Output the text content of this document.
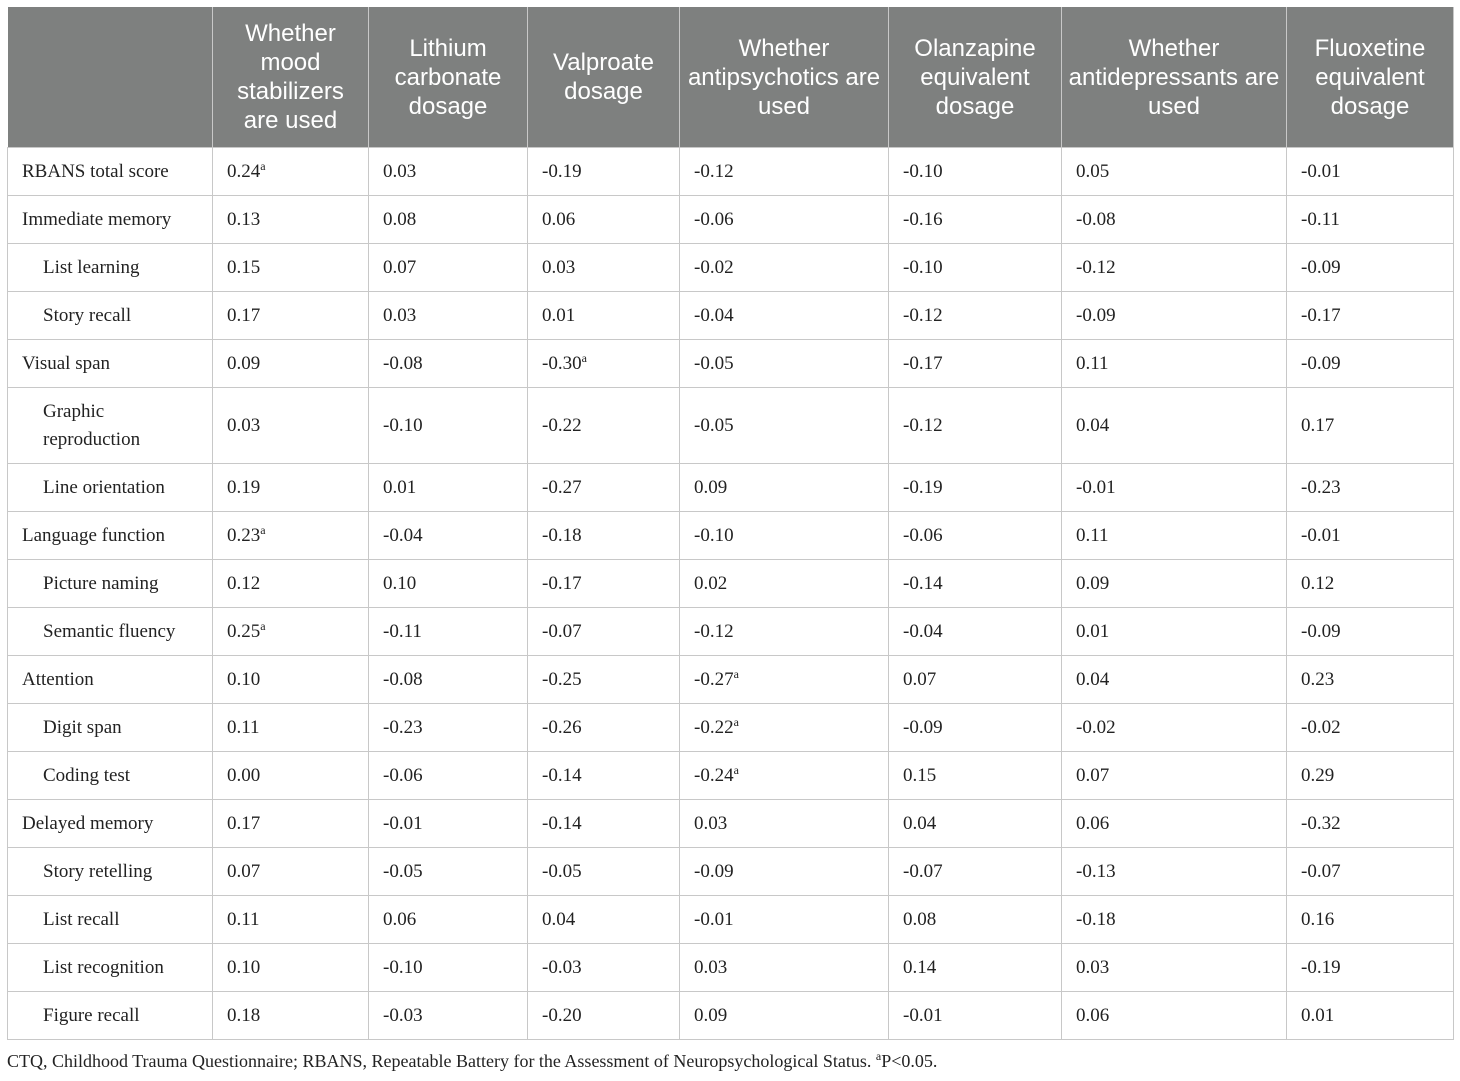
	Whether mood stabilizers are used	Lithium carbonate dosage	Valproate dosage	Whether antipsychotics are used	Olanzapine equivalent dosage	Whether antidepressants are used	Fluoxetine equivalent dosage
RBANS total score	0.24$^a$	0.03	-0.19	-0.12	-0.10	0.05	-0.01
Immediate memory	0.13	0.08	0.06	-0.06	-0.16	-0.08	-0.11
List learning	0.15	0.07	0.03	-0.02	-0.10	-0.12	-0.09
Story recall	0.17	0.03	0.01	-0.04	-0.12	-0.09	-0.17
Visual span	0.09	-0.08	-0.30$^a$	-0.05	-0.17	0.11	-0.09
Graphic reproduction	0.03	-0.10	-0.22	-0.05	-0.12	0.04	0.17
Line orientation	0.19	0.01	-0.27	0.09	-0.19	-0.01	-0.23
Language function	0.23$^a$	-0.04	-0.18	-0.10	-0.06	0.11	-0.01
Picture naming	0.12	0.10	-0.17	0.02	-0.14	0.09	0.12
Semantic fluency	0.25$^a$	-0.11	-0.07	-0.12	-0.04	0.01	-0.09
Attention	0.10	-0.08	-0.25	-0.27$^a$	0.07	0.04	0.23
Digit span	0.11	-0.23	-0.26	-0.22$^a$	-0.09	-0.02	-0.02
Coding test	0.00	-0.06	-0.14	-0.24$^a$	0.15	0.07	0.29
Delayed memory	0.17	-0.01	-0.14	0.03	0.04	0.06	-0.32
Story retelling	0.07	-0.05	-0.05	-0.09	-0.07	-0.13	-0.07
List recall	0.11	0.06	0.04	-0.01	0.08	-0.18	0.16
List recognition	0.10	-0.10	-0.03	0.03	0.14	0.03	-0.19
Figure recall	0.18	-0.03	-0.20	0.09	-0.01	0.06	0.01
CTQ, Childhood Trauma Questionnaire; RBANS, Repeatable Battery for the Assessment of Neuropsychological Status. $^a$P<0.05.
